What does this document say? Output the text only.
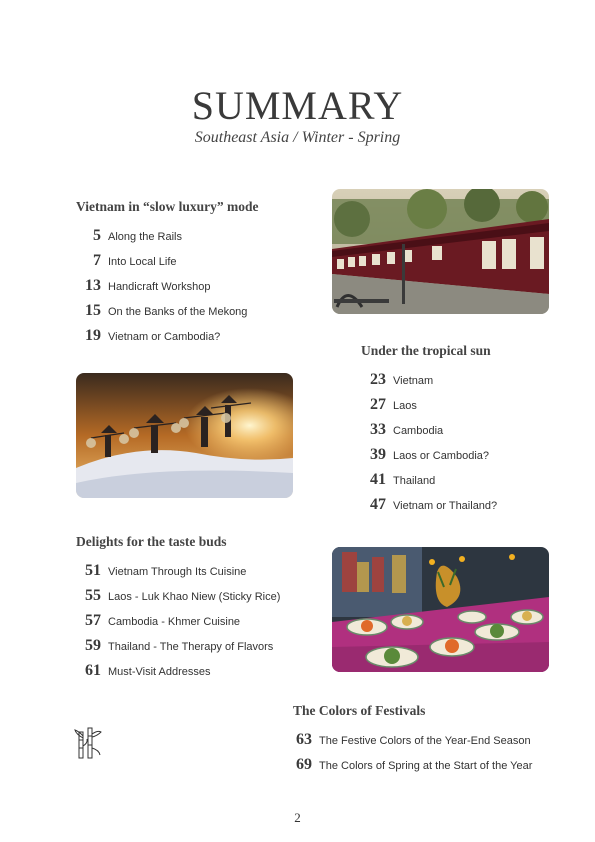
SUMMARY

Southeast Asia / Winter - Spring

Vietnam in “slow luxury” mode
5 Along the Rails
7 Into Local Life
13 Handicraft Workshop
15 On the Banks of the Mekong
19 Vietnam or Cambodia?
Under the tropical sun
23 Vietnam
27 Laos
33 Cambodia
39 Laos or Cambodia?
41 Thailand
47 Vietnam or Thailand?
Delights for the taste buds
51 Vietnam Through Its Cuisine
55 Laos - Luk Khao Niew (Sticky Rice)
57 Cambodia - Khmer Cuisine
59 Thailand - The Therapy of Flavors
61 Must-Visit Addresses
The Colors of Festivals
63 The Festive Colors of the Year-End Season
69 The Colors of Spring at the Start of the Year
2
